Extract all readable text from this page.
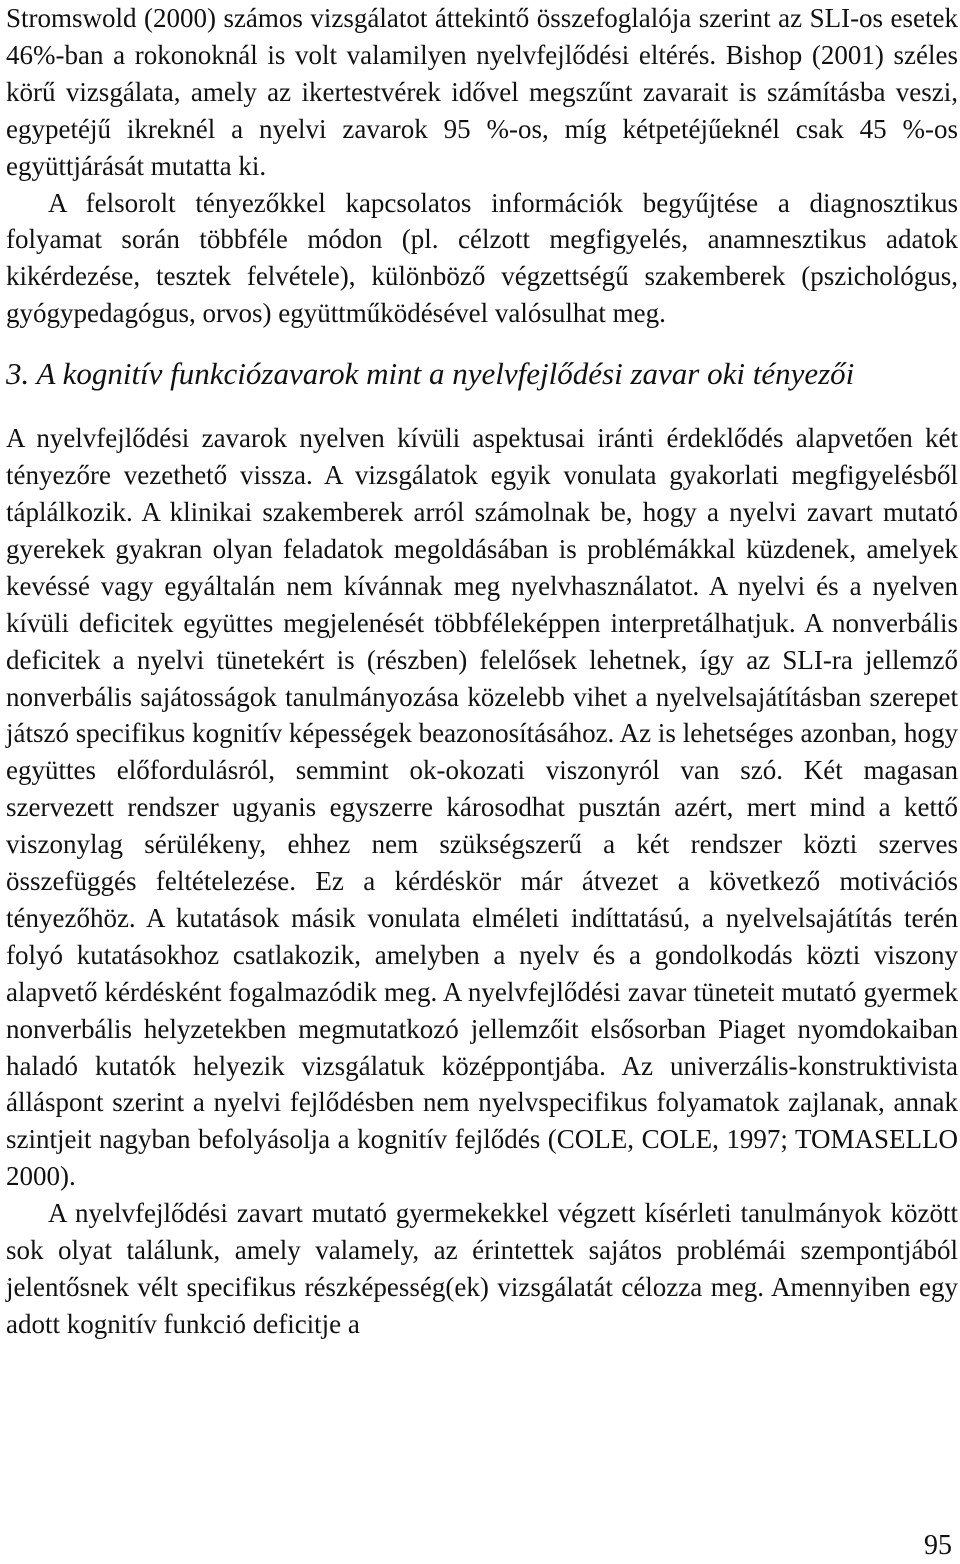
Stromswold (2000) számos vizsgálatot áttekintő összefoglalója szerint az SLI-os esetek 46%-ban a rokonoknál is volt valamilyen nyelvfejlődési eltérés. Bishop (2001) széles körű vizsgálata, amely az ikertestvérek idővel megszűnt zavarait is számításba veszi, egypetéjű ikreknél a nyelvi zavarok 95 %-os, míg kétpetéjűeknél csak 45 %-os együttjárását mutatta ki.

A felsorolt tényezőkkel kapcsolatos információk begyűjtése a diagnosztikus folyamat során többféle módon (pl. célzott megfigyelés, anamnesztikus adatok kikérdezése, tesztek felvétele), különböző végzettségű szakemberek (pszichológus, gyógypedagógus, orvos) együttműködésével valósulhat meg.

3. A kognitív funkciózavarok mint a nyelvfejlődési zavar oki tényezői

A nyelvfejlődési zavarok nyelven kívüli aspektusai iránti érdeklődés alapvetően két tényezőre vezethető vissza. A vizsgálatok egyik vonulata gyakorlati megfigyelésből táplálkozik. A klinikai szakemberek arról számolnak be, hogy a nyelvi zavart mutató gyerekek gyakran olyan feladatok megoldásában is problémákkal küzdenek, amelyek kevéssé vagy egyáltalán nem kívánnak meg nyelvhasználatot. A nyelvi és a nyelven kívüli deficitek együttes megjelenését többféleképpen interpretálhatjuk. A nonverbális deficitek a nyelvi tünetekért is (részben) felelősek lehetnek, így az SLI-ra jellemző nonverbális sajátosságok tanulmányozása közelebb vihet a nyelvelsajátításban szerepet játszó specifikus kognitív képességek beazonosításához. Az is lehetséges azonban, hogy együttes előfordulásról, semmint ok-okozati viszonyról van szó. Két magasan szervezett rendszer ugyanis egyszerre károsodhat pusztán azért, mert mind a kettő viszonylag sérülékeny, ehhez nem szükségszerű a két rendszer közti szerves összefüggés feltételezése. Ez a kérdéskör már átvezet a következő motivációs tényezőhöz. A kutatások másik vonulata elméleti indíttatású, a nyelvelsajátítás terén folyó kutatásokhoz csatlakozik, amelyben a nyelv és a gondolkodás közti viszony alapvető kérdésként fogalmazódik meg. A nyelvfejlődési zavar tüneteit mutató gyermek nonverbális helyzetekben megmutatkozó jellemzőit elsősorban Piaget nyomdokaiban haladó kutatók helyezik vizsgálatuk középpontjába. Az univerzális-konstruktivista álláspont szerint a nyelvi fejlődésben nem nyelvspecifikus folyamatok zajlanak, annak szintjeit nagyban befolyásolja a kognitív fejlődés (COLE, COLE, 1997; TOMASELLO 2000).

A nyelvfejlődési zavart mutató gyermekekkel végzett kísérleti tanulmányok között sok olyat találunk, amely valamely, az érintettek sajátos problémái szempontjából jelentősnek vélt specifikus részképesség(ek) vizsgálatát célozza meg. Amennyiben egy adott kognitív funkció deficitje a

95
